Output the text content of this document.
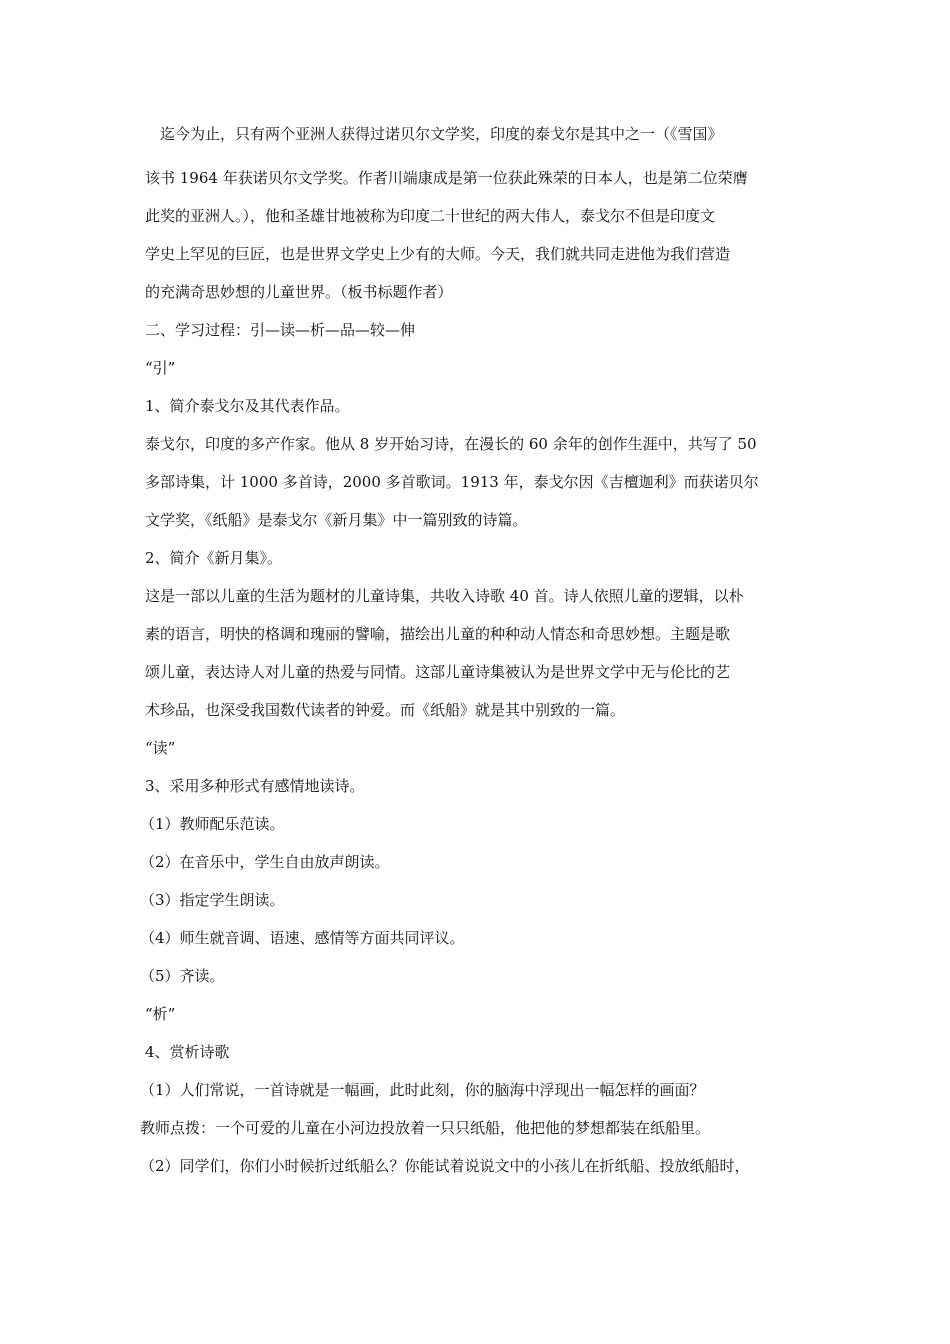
迄今为止，只有两个亚洲人获得过诺贝尔文学奖，印度的泰戈尔是其中之一（《雪国》
该书 1964 年获诺贝尔文学奖。作者川端康成是第一位获此殊荣的日本人，也是第二位荣膺
此奖的亚洲人。），他和圣雄甘地被称为印度二十世纪的两大伟人，泰戈尔不但是印度文
学史上罕见的巨匠，也是世界文学史上少有的大师。今天，我们就共同走进他为我们营造
的充满奇思妙想的儿童世界。（板书标题作者）
二、学习过程：引—读—析—品—较—伸
“引”
1、简介泰戈尔及其代表作品。
泰戈尔，印度的多产作家。他从 8 岁开始习诗，在漫长的 60 余年的创作生涯中，共写了 50
多部诗集，计 1000 多首诗，2000 多首歌词。1913 年，泰戈尔因《吉檀迦利》而获诺贝尔
文学奖，《纸船》是泰戈尔《新月集》中一篇别致的诗篇。
2、简介《新月集》。
这是一部以儿童的生活为题材的儿童诗集，共收入诗歌 40 首。诗人依照儿童的逻辑，以朴
素的语言，明快的格调和瑰丽的譬喻，描绘出儿童的种种动人情态和奇思妙想。主题是歌
颂儿童，表达诗人对儿童的热爱与同情。这部儿童诗集被认为是世界文学中无与伦比的艺
术珍品，也深受我国数代读者的钟爱。而《纸船》就是其中别致的一篇。
“读”
3、采用多种形式有感情地读诗。
（1）教师配乐范读。
（2）在音乐中，学生自由放声朗读。
（3）指定学生朗读。
（4）师生就音调、语速、感情等方面共同评议。
（5）齐读。
“析”
4、赏析诗歌
（1）人们常说，一首诗就是一幅画，此时此刻，你的脑海中浮现出一幅怎样的画面？
教师点拨：一个可爱的儿童在小河边投放着一只只纸船，他把他的梦想都装在纸船里。
（2）同学们，你们小时候折过纸船么？你能试着说说文中的小孩儿在折纸船、投放纸船时，
